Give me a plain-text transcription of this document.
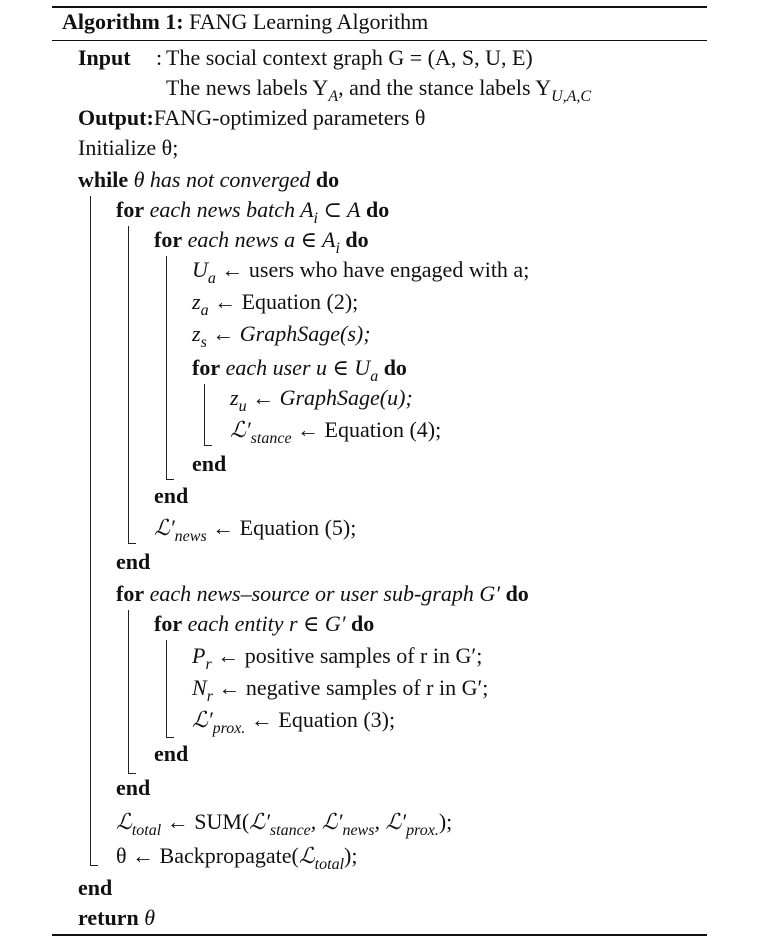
Algorithm 1: FANG Learning Algorithm
Input : The social context graph G = (A, S, U, E)
The news labels $Y_A$, and the stance labels $Y_{U,A,C}$
Output:FANG-optimized parameters θ
Initialize θ;
while θ has not converged do
for each news batch $A_i$ ⊂ A do
for each news a ∈ $A_i$ do
$U_a$ ← users who have engaged with a;
$z_a$ ← Equation (2);
$z_s$ ← GraphSage(s);
for each user u ∈ $U_a$ do
$z_u$ ← GraphSage(u);
$ℒ'_{stance}$ ← Equation (4);
end
end
$ℒ'_{news}$ ← Equation (5);
end
for each news–source or user sub-graph G′ do
for each entity r ∈ G′ do
$P_r$ ← positive samples of r in G′;
$N_r$ ← negative samples of r in G′;
$ℒ'_{prox.}$ ← Equation (3);
end
end
ℒ$_{total}$ ← $SUM(ℒ'_{stance}$, $ℒ'_{news}$, $ℒ'_{prox.}$);
θ ← Backpropagate(ℒ$_{total}$);
end
return θ
